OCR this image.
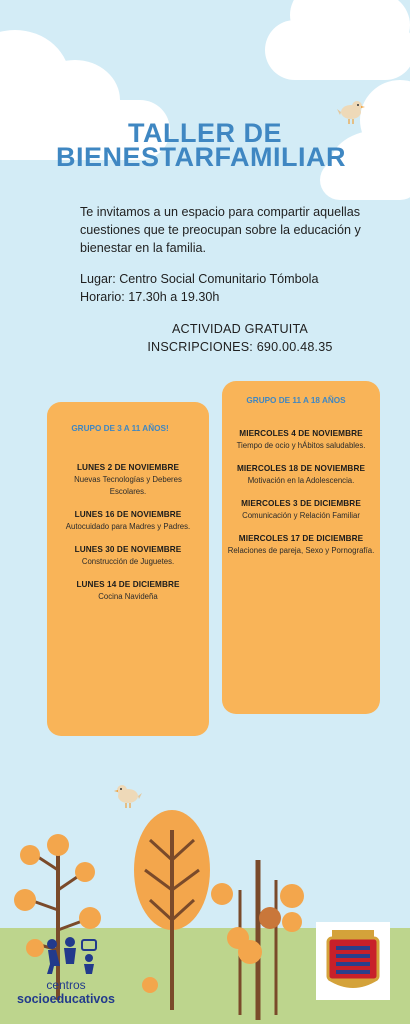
TALLER DE
BIENESTARFAMILIAR
Te invitamos a un espacio para compartir aquellas cuestiones que te preocupan sobre la educación y bienestar en la familia.
Lugar: Centro Social Comunitario Tómbola
Horario: 17.30h a 19.30h
ACTIVIDAD GRATUITA
INSCRIPCIONES: 690.00.48.35
GRUPO DE 3 A 11 AÑOS!
LUNES 2 DE NOVIEMBRE
Nuevas Tecnologías y Deberes Escolares.
LUNES 16 DE NOVIEMBRE
Autocuidado para Madres y Padres.
LUNES 30 DE NOVIEMBRE
Construcción de Juguetes.
LUNES 14 DE DICIEMBRE
Cocina Navideña
GRUPO DE 11 A 18 AÑOS
MIERCOLES 4 DE NOVIEMBRE
Tiempo de ocio y hÁbitos saludables.
MIERCOLES 18 DE NOVIEMBRE
Motivación en la Adolescencia.
MIERCOLES 3 DE DICIEMBRE
Comunicación y Relación Familiar
MIERCOLES 17 DE DICIEMBRE
Relaciones de pareja, Sexo y Pornografía.
centros
socioeducativos
